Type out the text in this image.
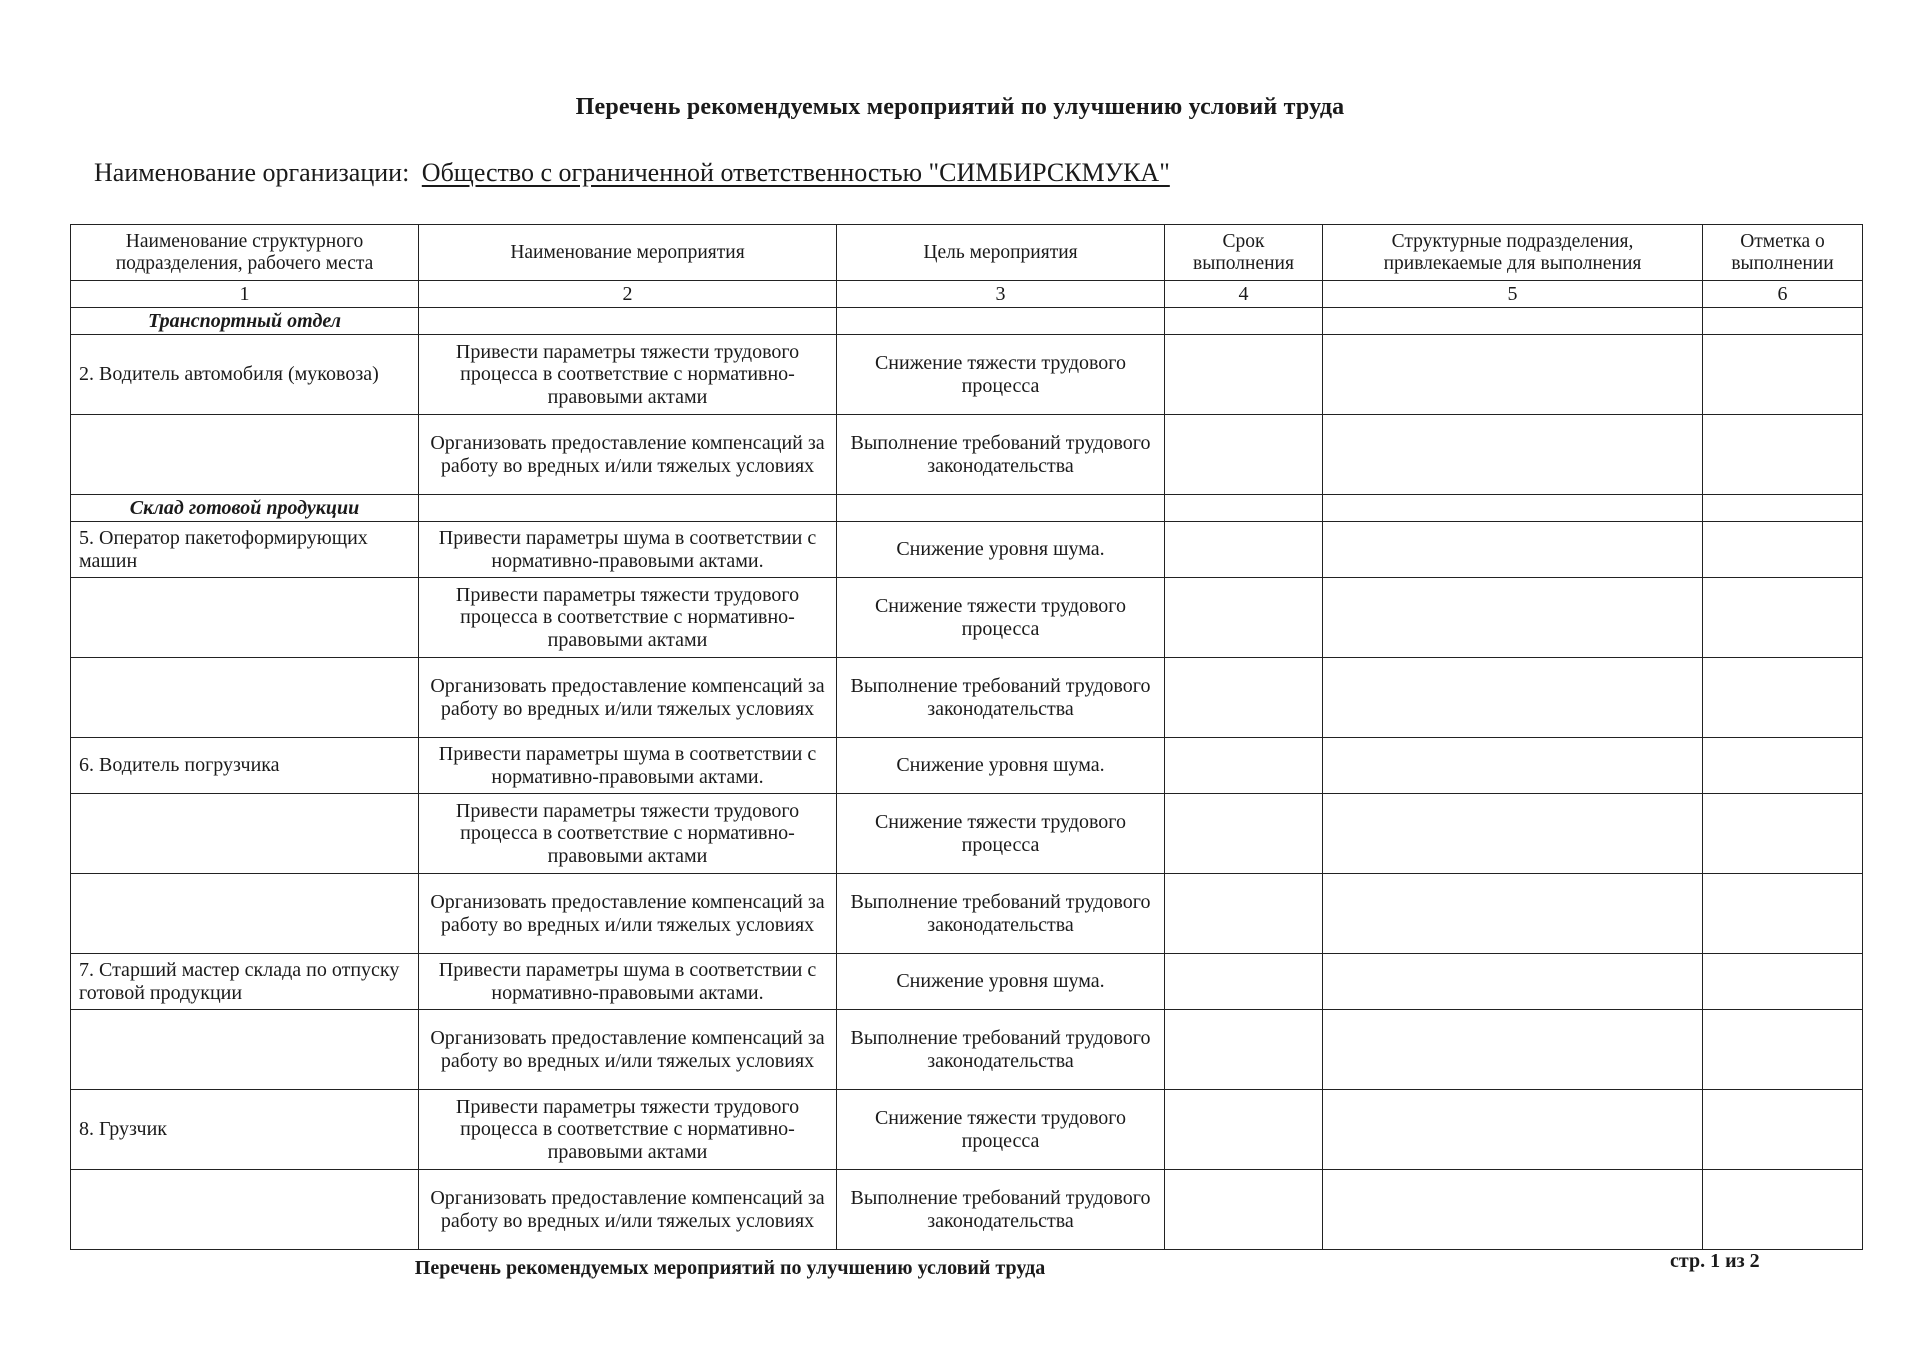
Перечень рекомендуемых мероприятий по улучшению условий труда
Наименование организации: Общество с ограниченной ответственностью "СИМБИРСКМУКА"
Наименование структурного подразделения, рабочего места	Наименование мероприятия	Цель мероприятия	Срок выполнения	Структурные подразделения, привлекаемые для выполнения	Отметка о выполнении
1	2	3	4	5	6
Транспортный отдел					
2. Водитель автомобиля (муковоза)	Привести параметры тяжести трудового процесса в соответствие с нормативно-правовыми актами	Снижение тяжести трудового процесса			
	Организовать предоставление компенсаций за работу во вредных и/или тяжелых условиях	Выполнение требований трудового законодательства			
Склад готовой продукции					
5. Оператор пакетоформирующих машин	Привести параметры шума в соответствии с нормативно-правовыми актами.	Снижение уровня шума.			
	Привести параметры тяжести трудового процесса в соответствие с нормативно-правовыми актами	Снижение тяжести трудового процесса			
	Организовать предоставление компенсаций за работу во вредных и/или тяжелых условиях	Выполнение требований трудового законодательства			
6. Водитель погрузчика	Привести параметры шума в соответствии с нормативно-правовыми актами.	Снижение уровня шума.			
	Привести параметры тяжести трудового процесса в соответствие с нормативно-правовыми актами	Снижение тяжести трудового процесса			
	Организовать предоставление компенсаций за работу во вредных и/или тяжелых условиях	Выполнение требований трудового законодательства			
7. Старший мастер склада по отпуску готовой продукции	Привести параметры шума в соответствии с нормативно-правовыми актами.	Снижение уровня шума.			
	Организовать предоставление компенсаций за работу во вредных и/или тяжелых условиях	Выполнение требований трудового законодательства			
8. Грузчик	Привести параметры тяжести трудового процесса в соответствие с нормативно-правовыми актами	Снижение тяжести трудового процесса			
	Организовать предоставление компенсаций за работу во вредных и/или тяжелых условиях	Выполнение требований трудового законодательства			
Перечень рекомендуемых мероприятий по улучшению условий труда	стр. 1 из 2
